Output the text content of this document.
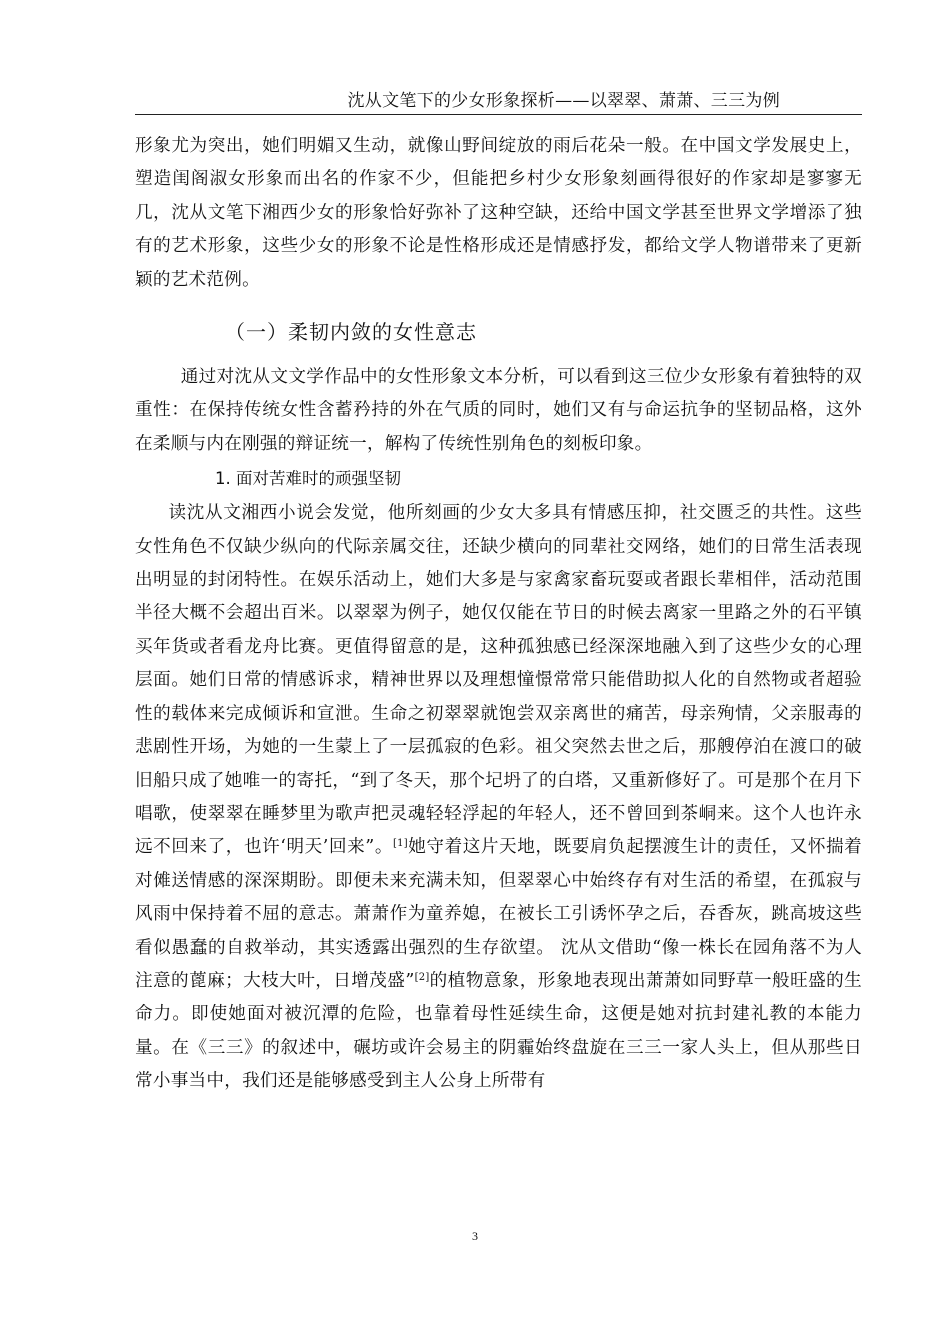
沈从文笔下的少女形象探析——以翠翠、萧萧、三三为例

形象尤为突出，她们明媚又生动，就像山野间绽放的雨后花朵一般。在中国文学发展史上，塑造闺阁淑女形象而出名的作家不少，但能把乡村少女形象刻画得很好的作家却是寥寥无几，沈从文笔下湘西少女的形象恰好弥补了这种空缺，还给中国文学甚至世界文学增添了独有的艺术形象，这些少女的形象不论是性格形成还是情感抒发，都给文学人物谱带来了更新颖的艺术范例。

（一）柔韧内敛的女性意志

通过对沈从文文学作品中的女性形象文本分析，可以看到这三位少女形象有着独特的双重性：在保持传统女性含蓄矜持的外在气质的同时，她们又有与命运抗争的坚韧品格，这外在柔顺与内在刚强的辩证统一，解构了传统性别角色的刻板印象。

1. 面对苦难时的顽强坚韧

读沈从文湘西小说会发觉，他所刻画的少女大多具有情感压抑，社交匮乏的共性。这些女性角色不仅缺少纵向的代际亲属交往，还缺少横向的同辈社交网络，她们的日常生活表现出明显的封闭特性。在娱乐活动上，她们大多是与家禽家畜玩耍或者跟长辈相伴，活动范围半径大概不会超出百米。以翠翠为例子，她仅仅能在节日的时候去离家一里路之外的石平镇买年货或者看龙舟比赛。更值得留意的是，这种孤独感已经深深地融入到了这些少女的心理层面。她们日常的情感诉求，精神世界以及理想憧憬常常只能借助拟人化的自然物或者超验性的载体来完成倾诉和宣泄。生命之初翠翠就饱尝双亲离世的痛苦，母亲殉情，父亲服毒的悲剧性开场，为她的一生蒙上了一层孤寂的色彩。祖父突然去世之后，那艘停泊在渡口的破旧船只成了她唯一的寄托，“到了冬天，那个圮坍了的白塔，又重新修好了。可是那个在月下唱歌，使翠翠在睡梦里为歌声把灵魂轻轻浮起的年轻人，还不曾回到茶峒来。这个人也许永远不回来了，也许‘明天’回来”。[1]她守着这片天地，既要肩负起摆渡生计的责任，又怀揣着对傩送情感的深深期盼。即便未来充满未知，但翠翠心中始终存有对生活的希望，在孤寂与风雨中保持着不屈的意志。萧萧作为童养媳，在被长工引诱怀孕之后，吞香灰，跳高坡这些看似愚蠢的自救举动，其实透露出强烈的生存欲望。 沈从文借助“像一株长在园角落不为人注意的蓖麻；大枝大叶，日增茂盛”[2]的植物意象，形象地表现出萧萧如同野草一般旺盛的生命力。即使她面对被沉潭的危险，也靠着母性延续生命，这便是她对抗封建礼教的本能力量。在《三三》的叙述中，碾坊或许会易主的阴霾始终盘旋在三三一家人头上，但从那些日常小事当中，我们还是能够感受到主人公身上所带有

3
